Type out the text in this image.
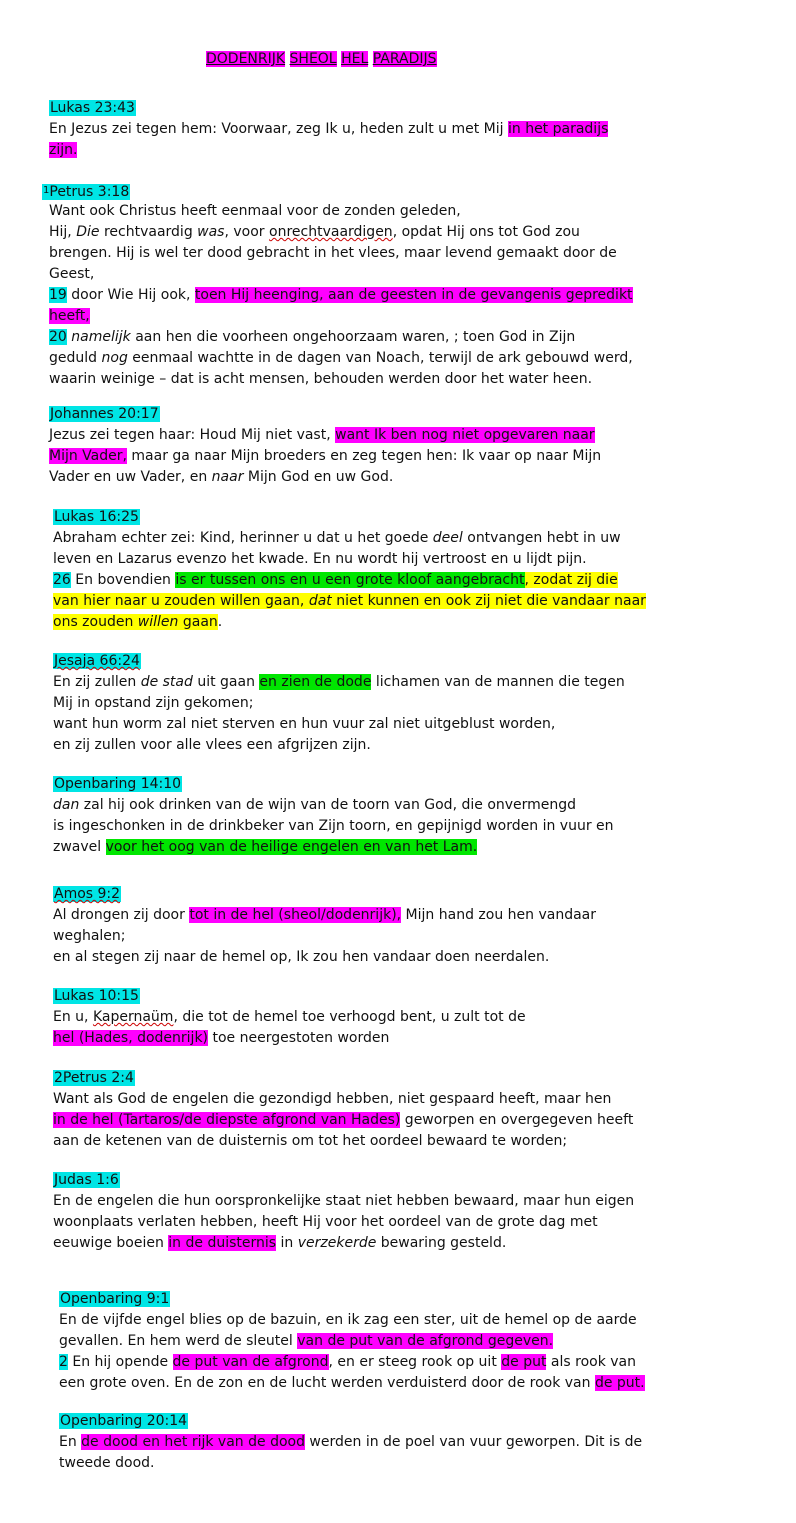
DODENRIJK SHEOL HEL PARADIJS
Lukas 23:43
En Jezus zei tegen hem: Voorwaar, zeg Ik u, heden zult u met Mij in het paradijs
zijn.
$^1$Petrus 3:18
Want ook Christus heeft eenmaal voor de zonden geleden,
Hij, Die rechtvaardig was, voor onrechtvaardigen, opdat Hij ons tot God zou
brengen. Hij is wel ter dood gebracht in het vlees, maar levend gemaakt door de
Geest,
19 door Wie Hij ook, toen Hij heenging, aan de geesten in de gevangenis gepredikt
heeft,
20 namelijk aan hen die voorheen ongehoorzaam waren, ; toen God in Zijn
geduld nog eenmaal wachtte in de dagen van Noach, terwijl de ark gebouwd werd,
waarin weinige – dat is acht mensen, behouden werden door het water heen.
Johannes 20:17
Jezus zei tegen haar: Houd Mij niet vast, want Ik ben nog niet opgevaren naar
Mijn Vader, maar ga naar Mijn broeders en zeg tegen hen: Ik vaar op naar Mijn
Vader en uw Vader, en naar Mijn God en uw God.
Lukas 16:25
Abraham echter zei: Kind, herinner u dat u het goede deel ontvangen hebt in uw
leven en Lazarus evenzo het kwade. En nu wordt hij vertroost en u lijdt pijn.
26 En bovendien is er tussen ons en u een grote kloof aangebracht, zodat zij die
van hier naar u zouden willen gaan, dat niet kunnen en ook zij niet die vandaar naar
ons zouden willen gaan.
Jesaja 66:24
En zij zullen de stad uit gaan en zien de dode lichamen van de mannen die tegen
Mij in opstand zijn gekomen;
want hun worm zal niet sterven en hun vuur zal niet uitgeblust worden,
en zij zullen voor alle vlees een afgrijzen zijn.
Openbaring 14:10
dan zal hij ook drinken van de wijn van de toorn van God, die onvermengd
is ingeschonken in de drinkbeker van Zijn toorn, en gepijnigd worden in vuur en
zwavel voor het oog van de heilige engelen en van het Lam.
Amos 9:2
Al drongen zij door tot in de hel (sheol/dodenrijk), Mijn hand zou hen vandaar
weghalen;
en al stegen zij naar de hemel op, Ik zou hen vandaar doen neerdalen.
Lukas 10:15
En u, Kapernaüm, die tot de hemel toe verhoogd bent, u zult tot de
hel (Hades, dodenrijk) toe neergestoten worden
2Petrus 2:4
Want als God de engelen die gezondigd hebben, niet gespaard heeft, maar hen
in de hel (Tartaros/de diepste afgrond van Hades) geworpen en overgegeven heeft
aan de ketenen van de duisternis om tot het oordeel bewaard te worden;
Judas 1:6
En de engelen die hun oorspronkelijke staat niet hebben bewaard, maar hun eigen
woonplaats verlaten hebben, heeft Hij voor het oordeel van de grote dag met
eeuwige boeien in de duisternis in verzekerde bewaring gesteld.
Openbaring 9:1
En de vijfde engel blies op de bazuin, en ik zag een ster, uit de hemel op de aarde
gevallen. En hem werd de sleutel van de put van de afgrond gegeven.
2 En hij opende de put van de afgrond, en er steeg rook op uit de put als rook van
een grote oven. En de zon en de lucht werden verduisterd door de rook van de put.
Openbaring 20:14
En de dood en het rijk van de dood werden in de poel van vuur geworpen. Dit is de
tweede dood.
